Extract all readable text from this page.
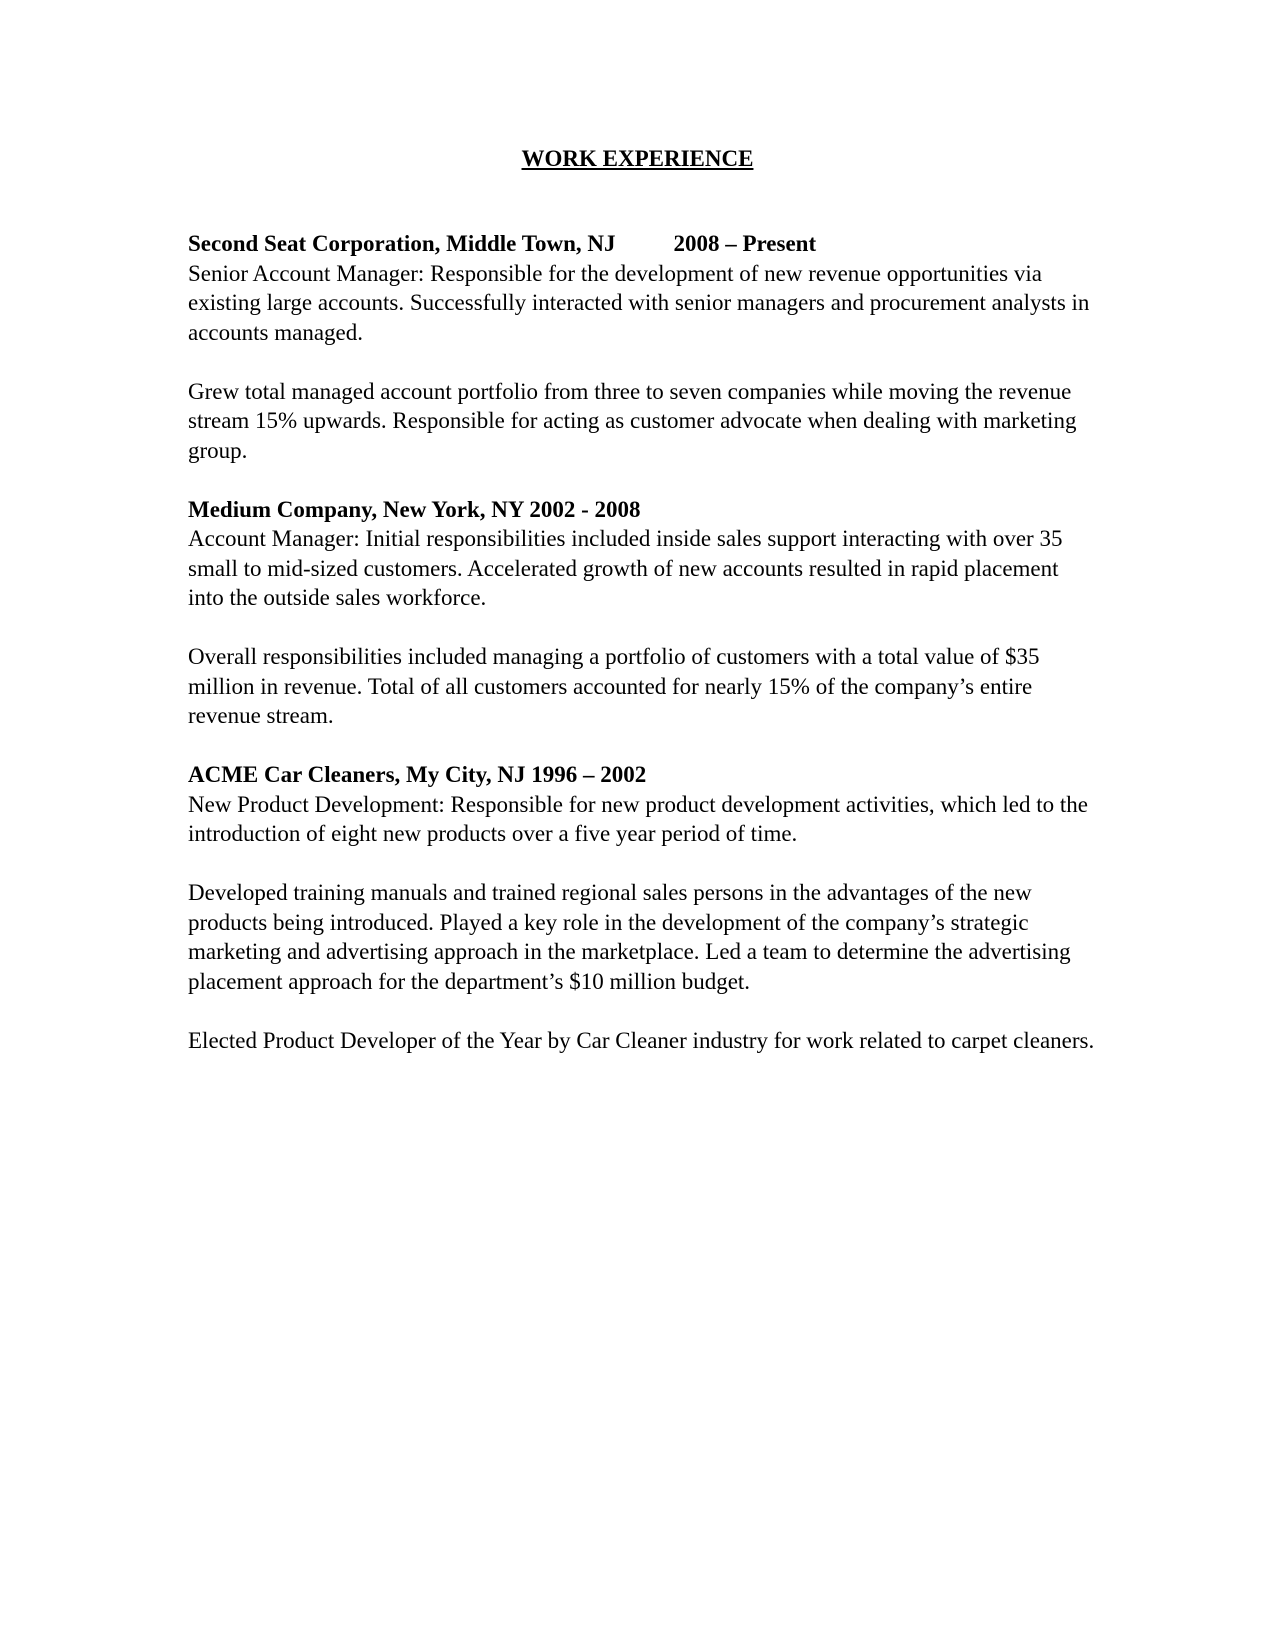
WORK EXPERIENCE

Second Seat Corporation, Middle Town, NJ	2008 – Present

Senior Account Manager: Responsible for the development of new revenue opportunities via existing large accounts. Successfully interacted with senior managers and procurement analysts in accounts managed.

Grew total managed account portfolio from three to seven companies while moving the revenue stream 15% upwards. Responsible for acting as customer advocate when dealing with marketing group.

Medium Company, New York, NY 2002 - 2008

Account Manager: Initial responsibilities included inside sales support interacting with over 35 small to mid-sized customers. Accelerated growth of new accounts resulted in rapid placement into the outside sales workforce.

Overall responsibilities included managing a portfolio of customers with a total value of $35 million in revenue. Total of all customers accounted for nearly 15% of the company’s entire revenue stream.

ACME Car Cleaners, My City, NJ 1996 – 2002

New Product Development: Responsible for new product development activities, which led to the introduction of eight new products over a five year period of time.

Developed training manuals and trained regional sales persons in the advantages of the new products being introduced. Played a key role in the development of the company’s strategic marketing and advertising approach in the marketplace. Led a team to determine the advertising placement approach for the department’s $10 million budget.

Elected Product Developer of the Year by Car Cleaner industry for work related to carpet cleaners.
